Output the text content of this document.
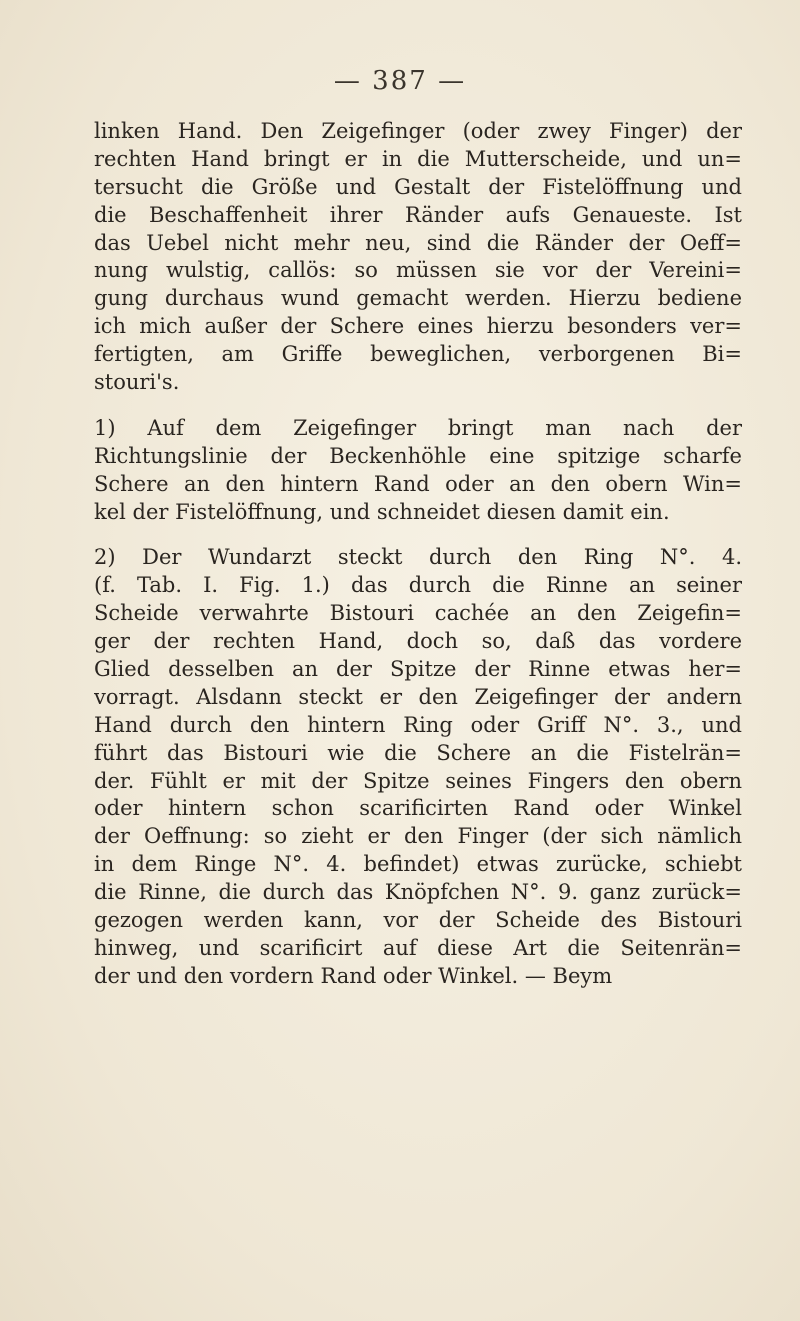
— 387 —
linken Hand. Den Zeigefinger (oder zwey Finger) der
rechten Hand bringt er in die Mutterscheide, und un=
tersucht die Größe und Gestalt der Fistelöffnung und
die Beschaffenheit ihrer Ränder aufs Genaueste. Ist
das Uebel nicht mehr neu, sind die Ränder der Oeff=
nung wulstig, callös: so müssen sie vor der Vereini=
gung durchaus wund gemacht werden. Hierzu bediene
ich mich außer der Schere eines hierzu besonders ver=
fertigten, am Griffe beweglichen, verborgenen Bi=
stouri's.
1) Auf dem Zeigefinger bringt man nach der
Richtungslinie der Beckenhöhle eine spitzige scharfe
Schere an den hintern Rand oder an den obern Win=
kel der Fistelöffnung, und schneidet diesen damit ein.
2) Der Wundarzt steckt durch den Ring N°. 4.
(f. Tab. I. Fig. 1.) das durch die Rinne an seiner
Scheide verwahrte Bistouri cachée an den Zeigefin=
ger der rechten Hand, doch so, daß das vordere
Glied desselben an der Spitze der Rinne etwas her=
vorragt. Alsdann steckt er den Zeigefinger der andern
Hand durch den hintern Ring oder Griff N°. 3., und
führt das Bistouri wie die Schere an die Fistelrän=
der. Fühlt er mit der Spitze seines Fingers den obern
oder hintern schon scarificirten Rand oder Winkel
der Oeffnung: so zieht er den Finger (der sich nämlich
in dem Ringe N°. 4. befindet) etwas zurücke, schiebt
die Rinne, die durch das Knöpfchen N°. 9. ganz zurück=
gezogen werden kann, vor der Scheide des Bistouri
hinweg, und scarificirt auf diese Art die Seitenrän=
der und den vordern Rand oder Winkel. — Beym
